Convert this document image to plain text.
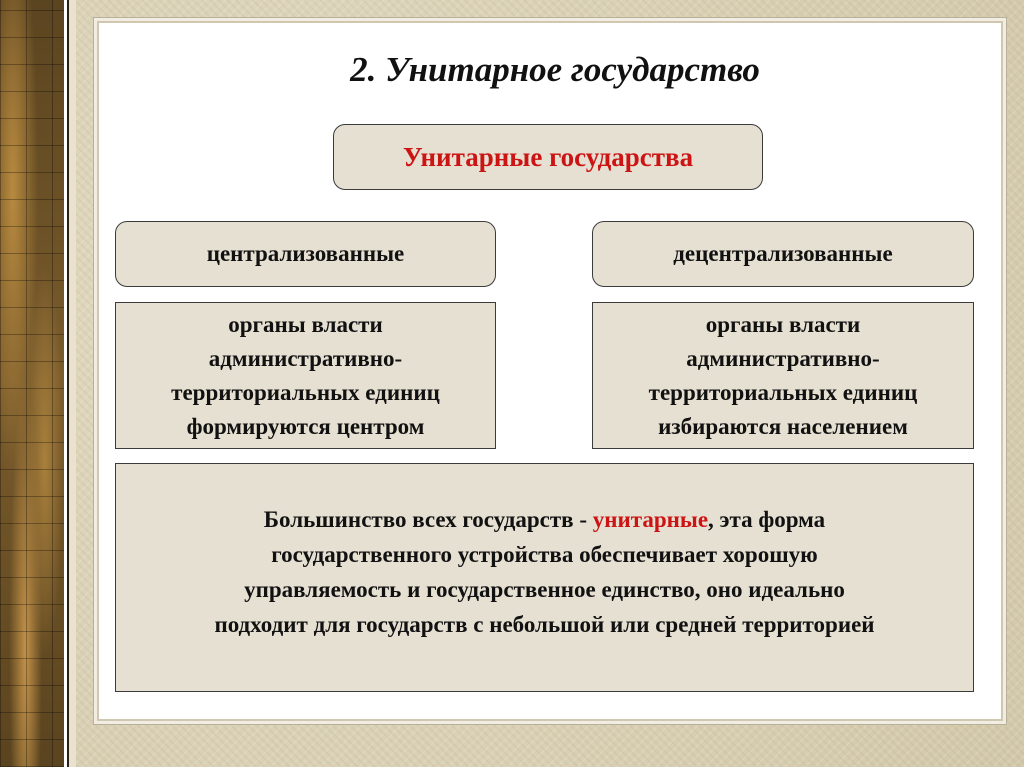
2. Унитарное государство
Унитарные государства
централизованные	децентрализованные
органы власти
административно-
территориальных единиц
формируются центром
органы власти
административно-
территориальных единиц
избираются населением
Большинство всех государств - унитарные, эта форма
государственного устройства обеспечивает хорошую
управляемость и государственное единство, оно идеально
подходит для государств с небольшой или средней территорией
